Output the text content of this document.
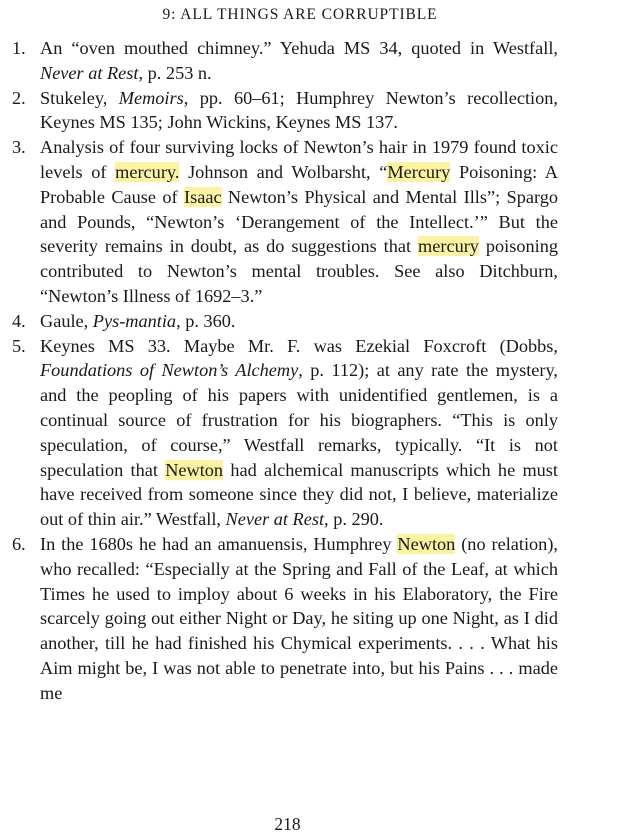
9: ALL THINGS ARE CORRUPTIBLE
1. An “oven mouthed chimney.” Yehuda MS 34, quoted in Westfall, Never at Rest, p. 253 n.
2. Stukeley, Memoirs, pp. 60–61; Humphrey Newton’s recollection, Keynes MS 135; John Wickins, Keynes MS 137.
3. Analysis of four surviving locks of Newton’s hair in 1979 found toxic levels of mercury. Johnson and Wolbarsht, “Mercury Poisoning: A Probable Cause of Isaac Newton’s Physical and Mental Ills”; Spargo and Pounds, “Newton’s ‘Derangement of the Intellect.’” But the severity remains in doubt, as do suggestions that mercury poisoning contributed to Newton’s mental troubles. See also Ditchburn, “Newton’s Illness of 1692–3.”
4. Gaule, Pys-mantia, p. 360.
5. Keynes MS 33. Maybe Mr. F. was Ezekial Foxcroft (Dobbs, Foundations of Newton’s Alchemy, p. 112); at any rate the mystery, and the peopling of his papers with unidentified gentlemen, is a continual source of frustration for his biographers. “This is only speculation, of course,” Westfall remarks, typically. “It is not speculation that Newton had alchemical manuscripts which he must have received from someone since they did not, I believe, materialize out of thin air.” Westfall, Never at Rest, p. 290.
6. In the 1680s he had an amanuensis, Humphrey Newton (no relation), who recalled: “Especially at the Spring and Fall of the Leaf, at which Times he used to imploy about 6 weeks in his Elaboratory, the Fire scarcely going out either Night or Day, he siting up one Night, as I did another, till he had finished his Chymical experiments. . . . What his Aim might be, I was not able to penetrate into, but his Pains . . . made me
218
